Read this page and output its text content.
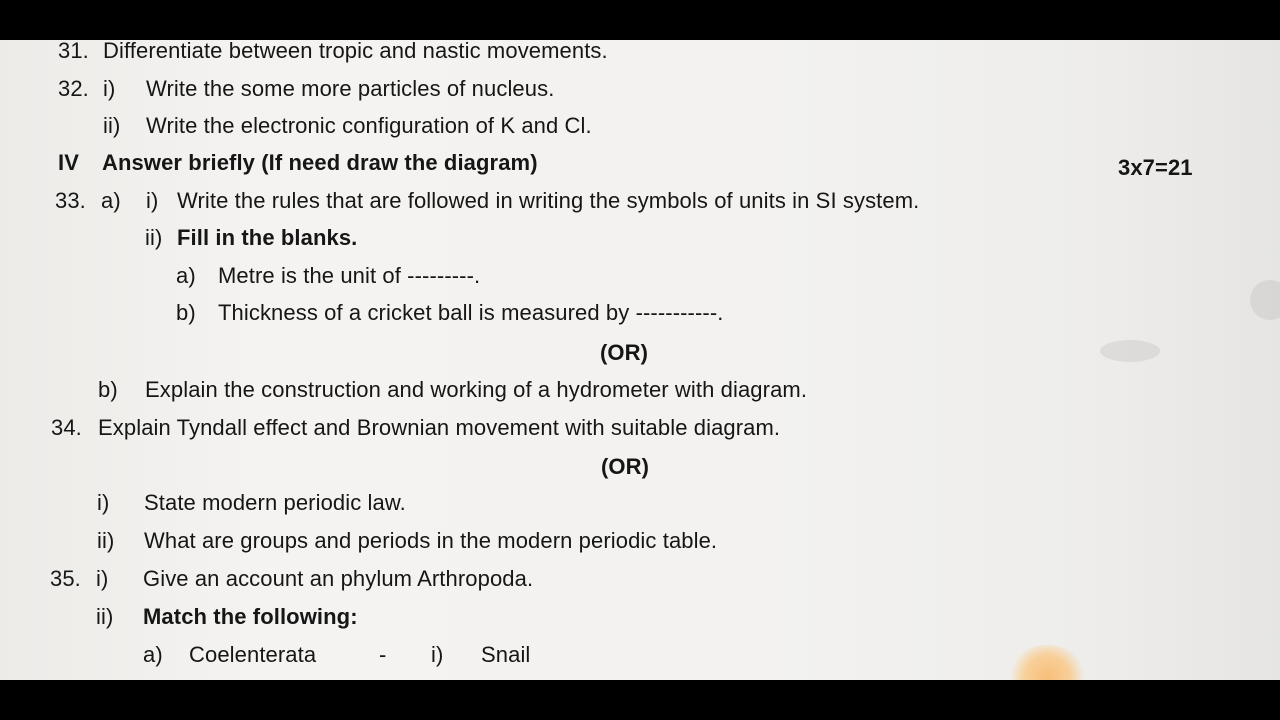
31. Differentiate between tropic and nastic movements.
32. i) Write the some more particles of nucleus.
ii) Write the electronic configuration of K and Cl.
IV Answer briefly (If need draw the diagram)	3x7=21
33. a) i) Write the rules that are followed in writing the symbols of units in SI system.
ii) Fill in the blanks.
a) Metre is the unit of ---------.
b) Thickness of a cricket ball is measured by -----------.
(OR)
b) Explain the construction and working of a hydrometer with diagram.
34. Explain Tyndall effect and Brownian movement with suitable diagram.
(OR)
i) State modern periodic law.
ii) What are groups and periods in the modern periodic table.
35. i) Give an account an phylum Arthropoda.
ii) Match the following:
a) Coelenterata	- i) Snail
